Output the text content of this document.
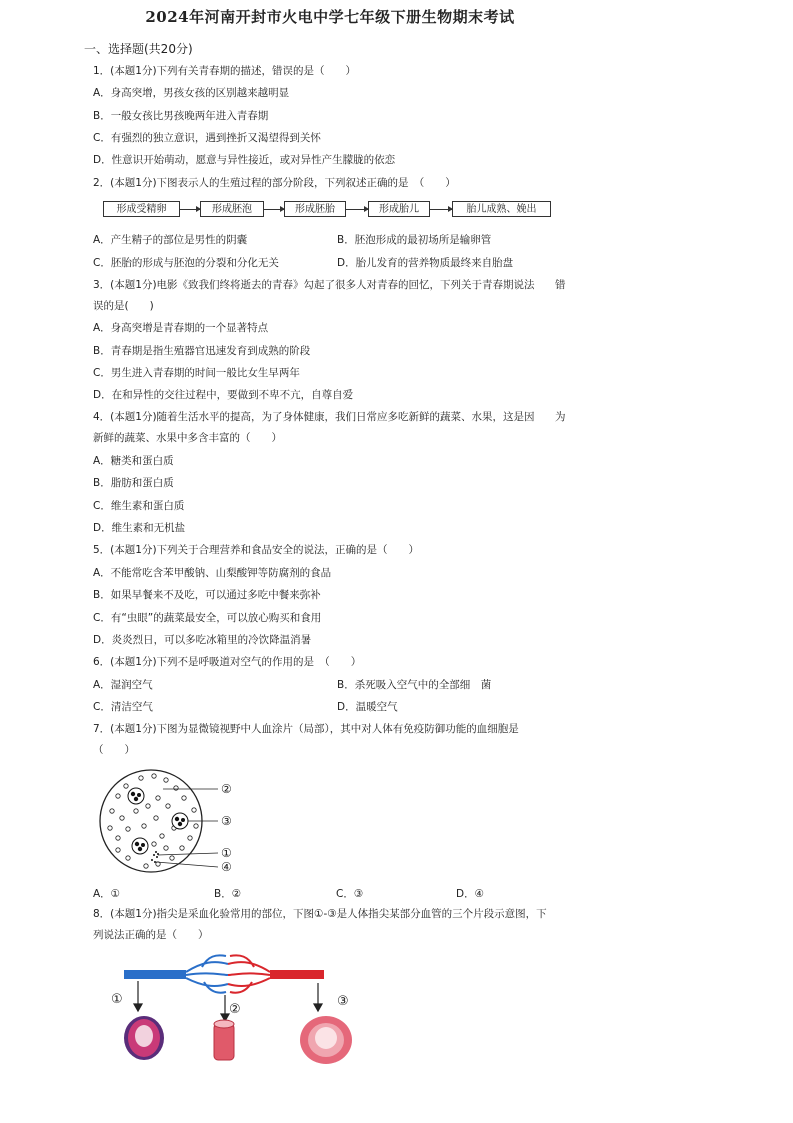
2024年河南开封市火电中学七年级下册生物期末考试
一、选择题(共20分)
1．(本题1分)下列有关青春期的描述，错误的是（　　）
A．身高突增，男孩女孩的区别越来越明显
B．一般女孩比男孩晚两年进入青春期
C．有强烈的独立意识，遇到挫折又渴望得到关怀
D．性意识开始萌动，愿意与异性接近，或对异性产生朦胧的依恋
2．(本题1分)下图表示人的生殖过程的部分阶段，下列叙述正确的是　（　　）
形成受精卵	形成胚泡	形成胚胎	形成胎儿	胎儿成熟、娩出
A．产生精子的部位是男性的阴囊	B．胚泡形成的最初场所是输卵管
C．胚胎的形成与胚泡的分裂和分化无关	D．胎儿发育的营养物质最终来自胎盘
3．(本题1分)电影《致我们终将逝去的青春》勾起了很多人对青春的回忆，下列关于青春期说法 错
误的是(　　)
A．身高突增是青春期的一个显著特点
B．青春期是指生殖器官迅速发育到成熟的阶段
C．男生进入青春期的时间一般比女生早两年
D．在和异性的交往过程中，要做到不卑不亢，自尊自爱
4．(本题1分)随着生活水平的提高，为了身体健康，我们日常应多吃新鲜的蔬菜、水果，这是因 为
新鲜的蔬菜、水果中多含丰富的（　　）
A．糖类和蛋白质
B．脂肪和蛋白质
C．维生素和蛋白质
D．维生素和无机盐
5．(本题1分)下列关于合理营养和食品安全的说法，正确的是（　　）
A．不能常吃含苯甲酸钠、山梨酸钾等防腐剂的食品
B．如果早餐来不及吃，可以通过多吃中餐来弥补
C．有“虫眼”的蔬菜最安全，可以放心购买和食用
D．炎炎烈日，可以多吃冰箱里的冷饮降温消暑
6．(本题1分)下列不是呼吸道对空气的作用的是　（　　）
A．湿润空气	B．杀死吸入空气中的全部细　菌
C．清洁空气	D．温暖空气
7．(本题1分)下图为显微镜视野中人血涂片（局部），其中对人体有免疫防御功能的血细胞是
（　　）
②
③
①
④
A．①	B．②	C．③	D．④
8．(本题1分)指尖是采血化验常用的部位，下图①-③是人体指尖某部分血管的三个片段示意图，下
列说法正确的是（　　）
①
②
③
